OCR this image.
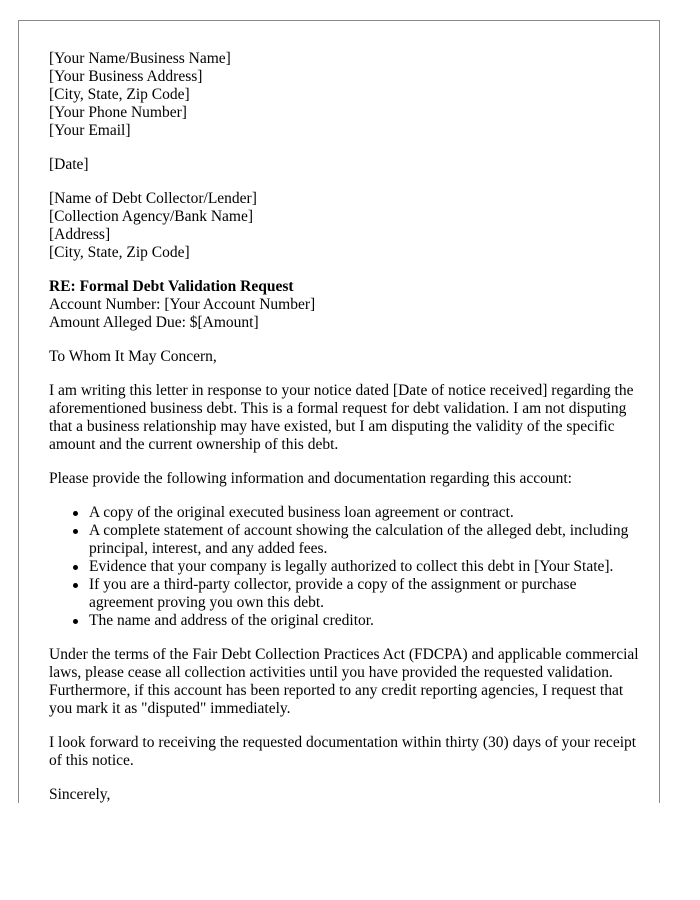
[Your Name/Business Name]
[Your Business Address]
[City, State, Zip Code]
[Your Phone Number]
[Your Email]
[Date]
[Name of Debt Collector/Lender]
[Collection Agency/Bank Name]
[Address]
[City, State, Zip Code]
RE: Formal Debt Validation Request
Account Number: [Your Account Number]
Amount Alleged Due: $[Amount]

To Whom It May Concern,

I am writing this letter in response to your notice dated [Date of notice received] regarding the aforementioned business debt. This is a formal request for debt validation. I am not disputing that a business relationship may have existed, but I am disputing the validity of the specific amount and the current ownership of this debt.

Please provide the following information and documentation regarding this account:

A copy of the original executed business loan agreement or contract.
A complete statement of account showing the calculation of the alleged debt, including principal, interest, and any added fees.
Evidence that your company is legally authorized to collect this debt in [Your State].
If you are a third-party collector, provide a copy of the assignment or purchase agreement proving you own this debt.
The name and address of the original creditor.

Under the terms of the Fair Debt Collection Practices Act (FDCPA) and applicable commercial laws, please cease all collection activities until you have provided the requested validation. Furthermore, if this account has been reported to any credit reporting agencies, I request that you mark it as "disputed" immediately.

I look forward to receiving the requested documentation within thirty (30) days of your receipt of this notice.

Sincerely,
